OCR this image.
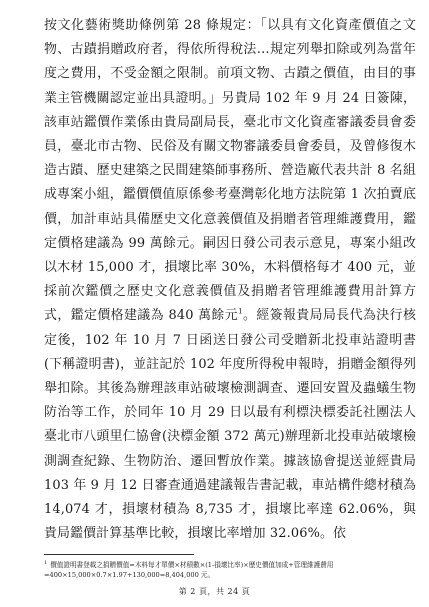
按文化藝術獎助條例第 28 條規定：「以具有文化資產價值之文物、古蹟捐贈政府者，得依所得稅法…規定列舉扣除或列為當年度之費用，不受金額之限制。前項文物、古蹟之價值，由目的事業主管機關認定並出具證明。」另貴局 102 年 9 月 24 日簽陳，該車站鑑價作業係由貴局副局長，臺北市文化資產審議委員會委員，臺北市古物、民俗及有關文物審議委員會委員，及曾修復木造古蹟、歷史建築之民間建築師事務所、營造廠代表共計 8 名組成專案小組，鑑價價值原係參考臺灣彰化地方法院第 1 次拍賣底價，加計車站具備歷史文化意義價值及捐贈者管理維護費用，鑑定價格建議為 99 萬餘元。嗣因日發公司表示意見，專案小組改以木材 15,000 才，損壞比率 30%，木料價格每才 400 元，並採前次鑑價之歷史文化意義價值及捐贈者管理維護費用計算方式，鑑定價格建議為 840 萬餘元$^1$。經簽報貴局局長代為決行核定後，102 年 10 月 7 日函送日發公司受贈新北投車站證明書(下稱證明書)，並註記於 102 年度所得稅申報時，捐贈金額得列舉扣除。其後為辦理該車站破壞檢測調查、遷回安置及蟲蟻生物防治等工作，於同年 10 月 29 日以最有利標決標委託社團法人臺北市八頭里仁協會(決標金額 372 萬元)辦理新北投車站破壞檢測調查紀錄、生物防治、遷回暫放作業。據該協會提送並經貴局 103 年 9 月 12 日審查通過建議報告書記載，車站構件總材積為 14,074 才，損壞材積為 8,735 才，損壞比率達 62.06%，與貴局鑑價計算基準比較，損壞比率增加 32.06%。依
$^1$ 價值證明書登載之捐贈價值=木料每才單價×材積數×(1-損壞比率)×歷史價值加成+管理維護費用
=400×15,000×0.7×1.97+130,000=8,404,000 元。
第 2 頁，共 24 頁
